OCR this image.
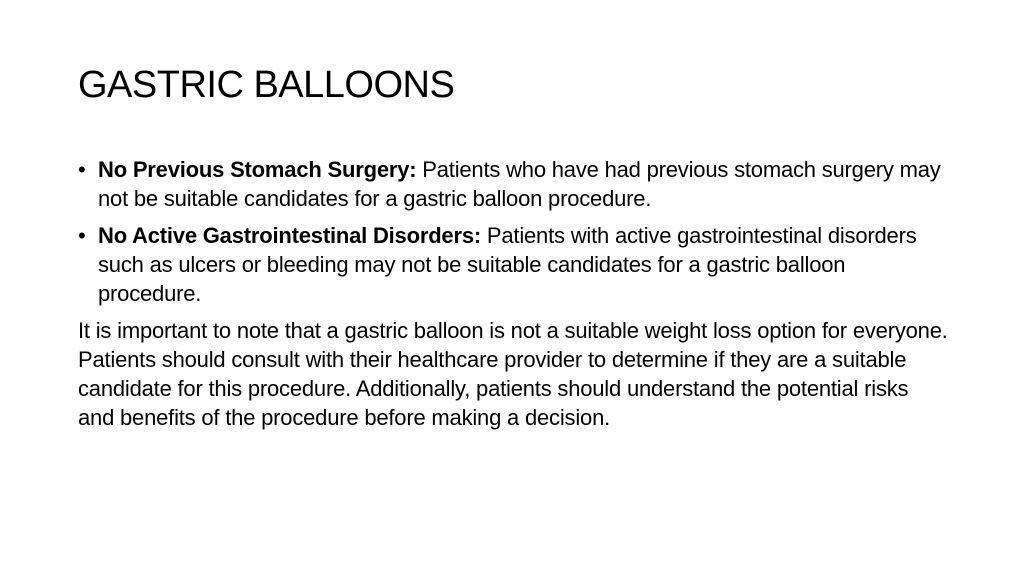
GASTRIC BALLOONS
• No Previous Stomach Surgery: Patients who have had previous stomach surgery may not be suitable candidates for a gastric balloon procedure.
• No Active Gastrointestinal Disorders: Patients with active gastrointestinal disorders such as ulcers or bleeding may not be suitable candidates for a gastric balloon procedure.

It is important to note that a gastric balloon is not a suitable weight loss option for everyone. Patients should consult with their healthcare provider to determine if they are a suitable candidate for this procedure. Additionally, patients should understand the potential risks and benefits of the procedure before making a decision.
